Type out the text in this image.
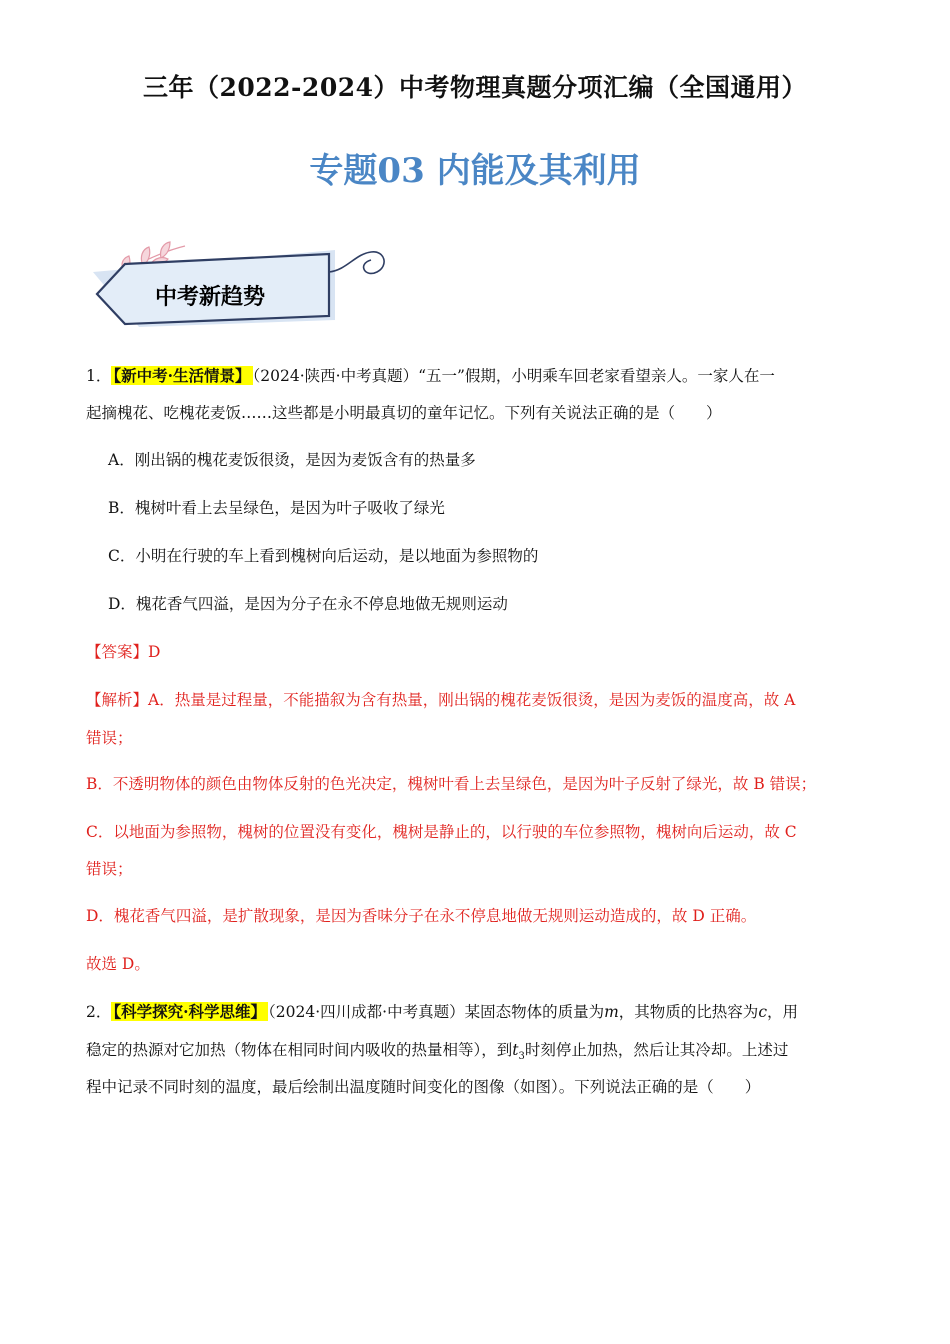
三年（2022-2024）中考物理真题分项汇编（全国通用）
专题03 内能及其利用
中考新趋势
1． 【新中考·生活情景】 （2024·陕西·中考真题）“五一”假期，小明乘车回老家看望亲人。一家人在一
起摘槐花、吃槐花麦饭……这些都是小明最真切的童年记忆。下列有关说法正确的是（　　）
A．刚出锅的槐花麦饭很烫，是因为麦饭含有的热量多
B．槐树叶看上去呈绿色，是因为叶子吸收了绿光
C．小明在行驶的车上看到槐树向后运动，是以地面为参照物的
D．槐花香气四溢，是因为分子在永不停息地做无规则运动
【答案】D
【解析】A．热量是过程量，不能描叙为含有热量，刚出锅的槐花麦饭很烫，是因为麦饭的温度高，故 A
错误；
B．不透明物体的颜色由物体反射的色光决定，槐树叶看上去呈绿色，是因为叶子反射了绿光，故 B 错误；
C．以地面为参照物，槐树的位置没有变化，槐树是静止的，以行驶的车位参照物，槐树向后运动，故 C
错误；
D．槐花香气四溢，是扩散现象，是因为香味分子在永不停息地做无规则运动造成的，故 D 正确。
故选 D。
2． 【科学探究·科学思维】 （2024·四川成都·中考真题）某固态物体的质量为m，其物质的比热容为c，用
稳定的热源对它加热（物体在相同时间内吸收的热量相等），到$t_3$时刻停止加热，然后让其冷却。上述过
程中记录不同时刻的温度，最后绘制出温度随时间变化的图像（如图）。下列说法正确的是（　　）
